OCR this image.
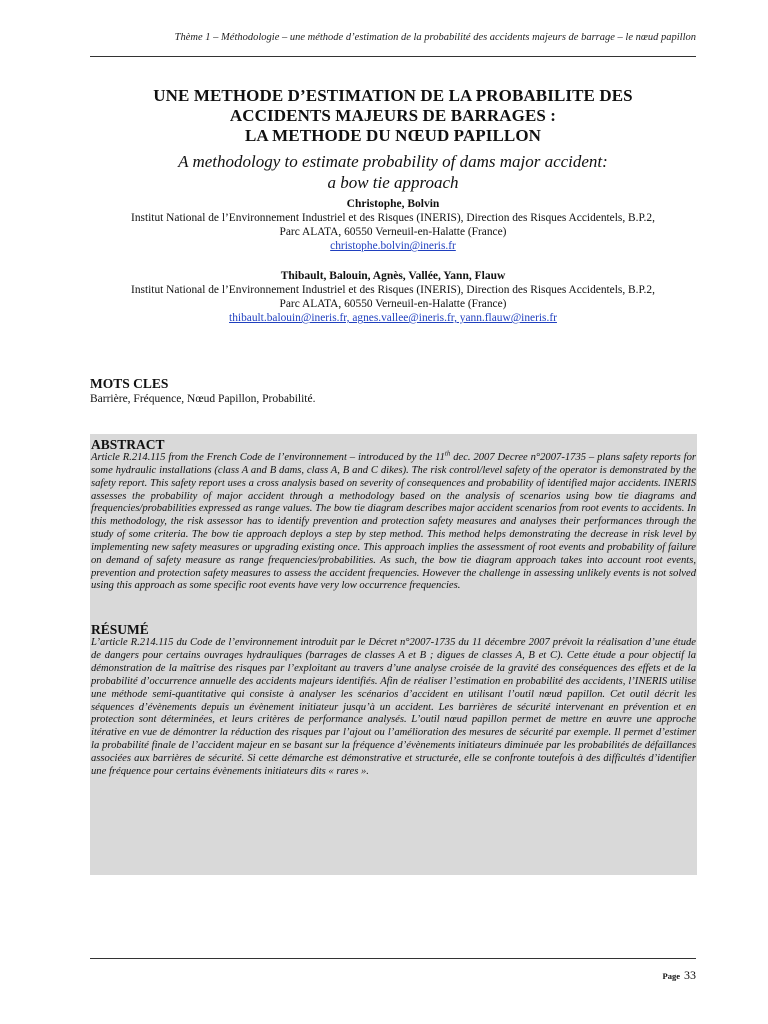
Thème 1 – Méthodologie – une méthode d’estimation de la probabilité des accidents majeurs de barrage – le nœud papillon
UNE METHODE D’ESTIMATION DE LA PROBABILITE DES
ACCIDENTS MAJEURS DE BARRAGES :
LA METHODE DU NŒUD PAPILLON
A methodology to estimate probability of dams major accident:
a bow tie approach
Christophe, Bolvin
Institut National de l’Environnement Industriel et des Risques (INERIS), Direction des Risques Accidentels, B.P.2,
Parc ALATA, 60550 Verneuil-en-Halatte (France)
christophe.bolvin@ineris.fr
Thibault, Balouin, Agnès, Vallée, Yann, Flauw
Institut National de l’Environnement Industriel et des Risques (INERIS), Direction des Risques Accidentels, B.P.2,
Parc ALATA, 60550 Verneuil-en-Halatte (France)
thibault.balouin@ineris.fr, agnes.vallee@ineris.fr, yann.flauw@ineris.fr
MOTS CLES
Barrière, Fréquence, Nœud Papillon, Probabilité.
ABSTRACT
Article R.214.115 from the French Code de l’environnement – introduced by the 11th dec. 2007 Decree n°2007-1735 – plans safety reports for some hydraulic installations (class A and B dams, class A, B and C dikes). The risk control/level safety of the operator is demonstrated by the safety report. This safety report uses a cross analysis based on severity of consequences and probability of identified major accidents. INERIS assesses the probability of major accident through a methodology based on the analysis of scenarios using bow tie diagrams and frequencies/probabilities expressed as range values. The bow tie diagram describes major accident scenarios from root events to accidents. In this methodology, the risk assessor has to identify prevention and protection safety measures and analyses their performances through the study of some criteria. The bow tie approach deploys a step by step method. This method helps demonstrating the decrease in risk level by implementing new safety measures or upgrading existing once. This approach implies the assessment of root events and probability of failure on demand of safety measure as range frequencies/probabilities. As such, the bow tie diagram approach takes into account root events, prevention and protection safety measures to assess the accident frequencies. However the challenge in assessing unlikely events is not solved using this approach as some specific root events have very low occurrence frequencies.
RÉSUMÉ
L’article R.214.115 du Code de l’environnement introduit par le Décret n°2007-1735 du 11 décembre 2007 prévoit la réalisation d’une étude de dangers pour certains ouvrages hydrauliques (barrages de classes A et B ; digues de classes A, B et C). Cette étude a pour objectif la démonstration de la maîtrise des risques par l’exploitant au travers d’une analyse croisée de la gravité des conséquences des effets et de la probabilité d’occurrence annuelle des accidents majeurs identifiés. Afin de réaliser l’estimation en probabilité des accidents, l’INERIS utilise une méthode semi-quantitative qui consiste à analyser les scénarios d’accident en utilisant l’outil nœud papillon. Cet outil décrit les séquences d’évènements depuis un évènement initiateur jusqu’à un accident. Les barrières de sécurité intervenant en prévention et en protection sont déterminées, et leurs critères de performance analysés. L’outil nœud papillon permet de mettre en œuvre une approche itérative en vue de démontrer la réduction des risques par l’ajout ou l’amélioration des mesures de sécurité par exemple. Il permet d’estimer la probabilité finale de l’accident majeur en se basant sur la fréquence d’évènements initiateurs diminuée par les probabilités de défaillances associées aux barrières de sécurité. Si cette démarche est démonstrative et structurée, elle se confronte toutefois à des difficultés d’identifier une fréquence pour certains évènements initiateurs dits « rares ».
Page 33
